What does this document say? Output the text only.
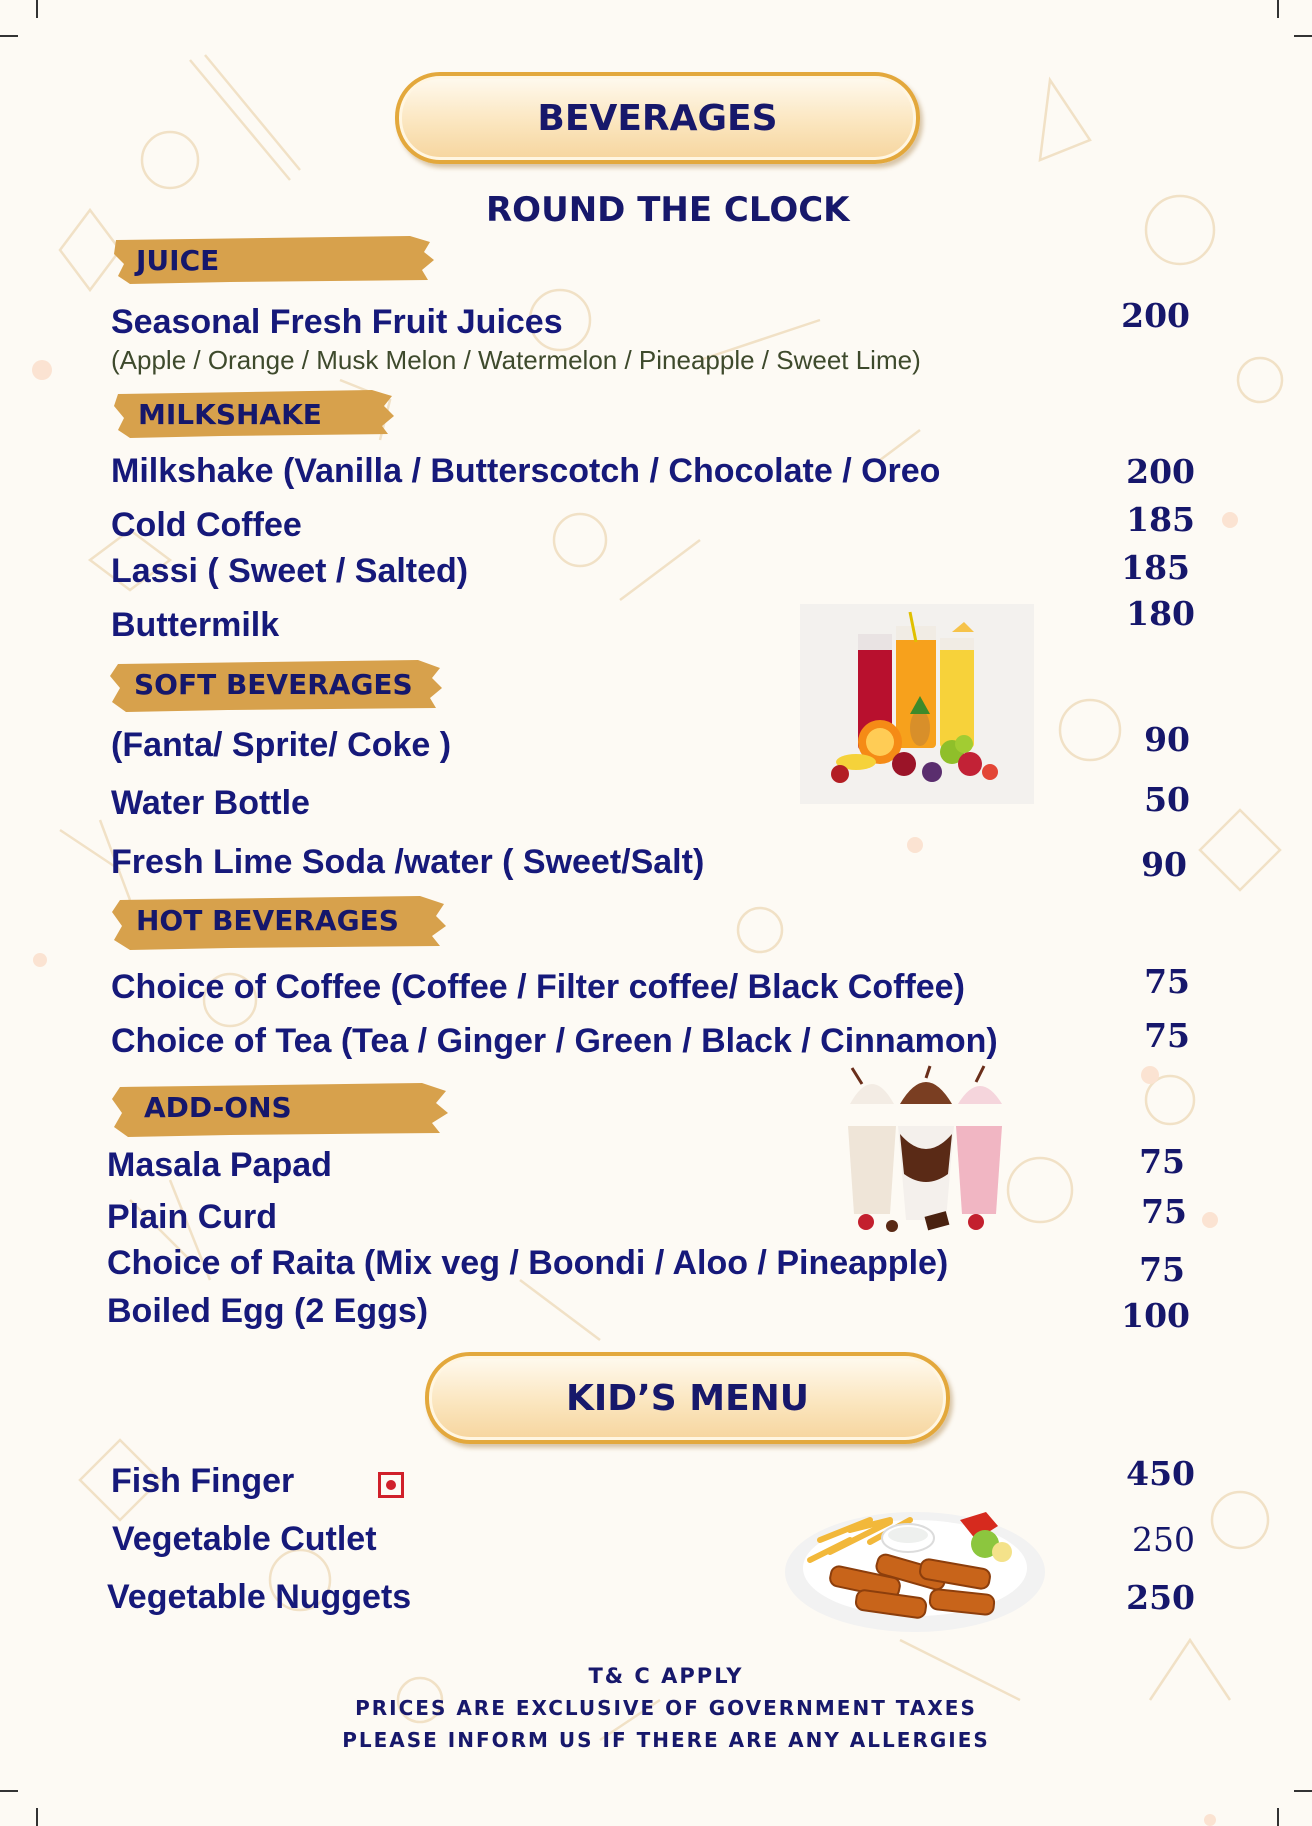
BEVERAGES
ROUND THE CLOCK
JUICE
Seasonal Fresh Fruit Juices
(Apple / Orange / Musk Melon / Watermelon / Pineapple / Sweet Lime)
200
MILKSHAKE
Milkshake (Vanilla / Butterscotch / Chocolate / Oreo	200
Cold Coffee	185
Lassi ( Sweet / Salted)	185
Buttermilk	180
SOFT BEVERAGES
(Fanta/ Sprite/ Coke )	90
Water Bottle	50
Fresh Lime Soda /water ( Sweet/Salt)	90
HOT BEVERAGES
Choice of Coffee (Coffee / Filter coffee/ Black Coffee)	75
Choice of Tea (Tea / Ginger / Green / Black / Cinnamon)	75
ADD-ONS
Masala Papad	75
Plain Curd	75
Choice of Raita (Mix veg / Boondi / Aloo / Pineapple)	75
Boiled Egg (2 Eggs)	100
KID’S MENU
Fish Finger	450
Vegetable Cutlet	250
Vegetable Nuggets	250
T& C APPLY
PRICES ARE EXCLUSIVE OF GOVERNMENT TAXES
PLEASE INFORM US IF THERE ARE ANY ALLERGIES
